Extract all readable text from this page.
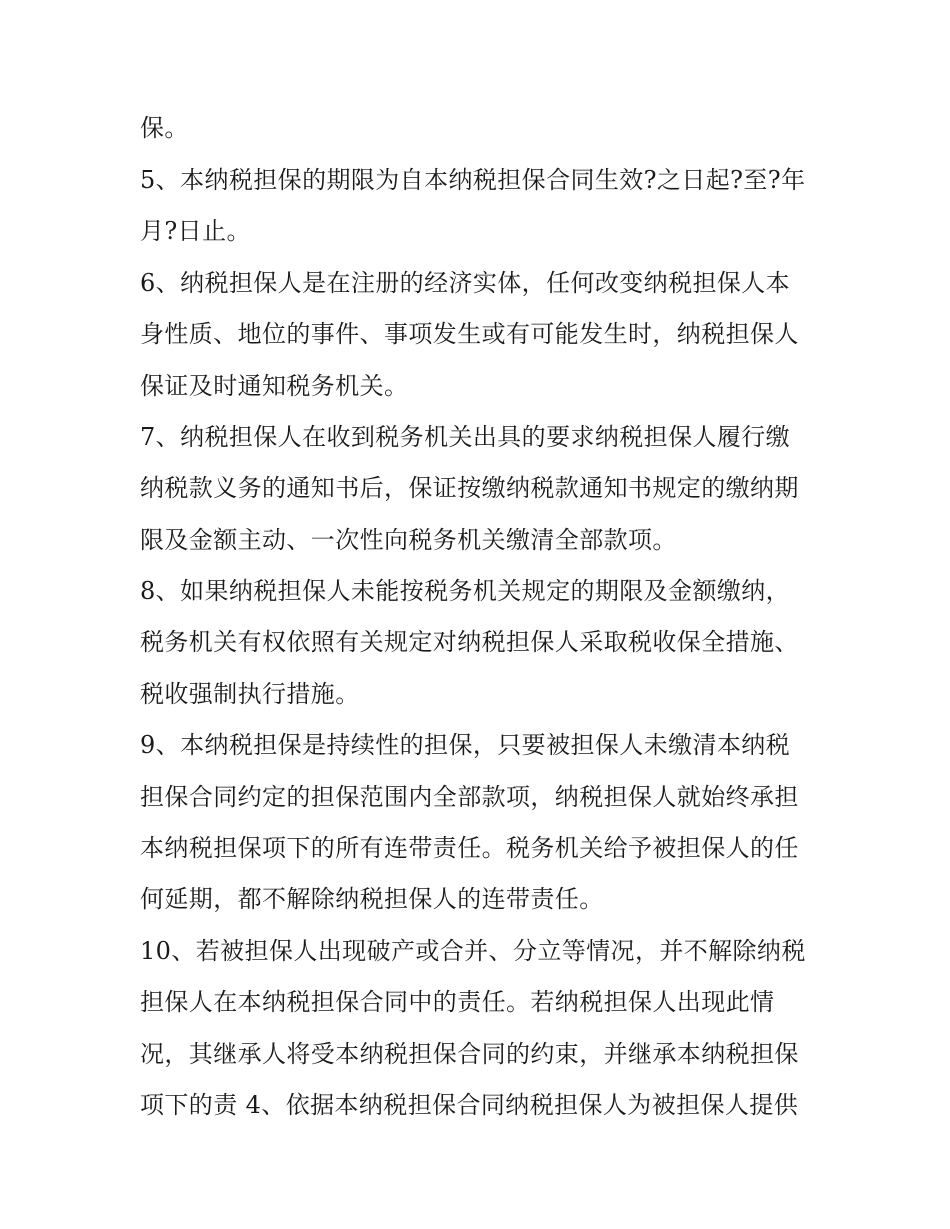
保。
5、本纳税担保的期限为自本纳税担保合同生效?之日起?至?年
月?日止。
6、纳税担保人是在注册的经济实体，任何改变纳税担保人本
身性质、地位的事件、事项发生或有可能发生时，纳税担保人
保证及时通知税务机关。
7、纳税担保人在收到税务机关出具的要求纳税担保人履行缴
纳税款义务的通知书后，保证按缴纳税款通知书规定的缴纳期
限及金额主动、一次性向税务机关缴清全部款项。
8、如果纳税担保人未能按税务机关规定的期限及金额缴纳，
税务机关有权依照有关规定对纳税担保人采取税收保全措施、
税收强制执行措施。
9、本纳税担保是持续性的担保，只要被担保人未缴清本纳税
担保合同约定的担保范围内全部款项，纳税担保人就始终承担
本纳税担保项下的所有连带责任。税务机关给予被担保人的任
何延期，都不解除纳税担保人的连带责任。
10、若被担保人出现破产或合并、分立等情况，并不解除纳税
担保人在本纳税担保合同中的责任。若纳税担保人出现此情
况，其继承人将受本纳税担保合同的约束，并继承本纳税担保
项下的责 4、依据本纳税担保合同纳税担保人为被担保人提供
